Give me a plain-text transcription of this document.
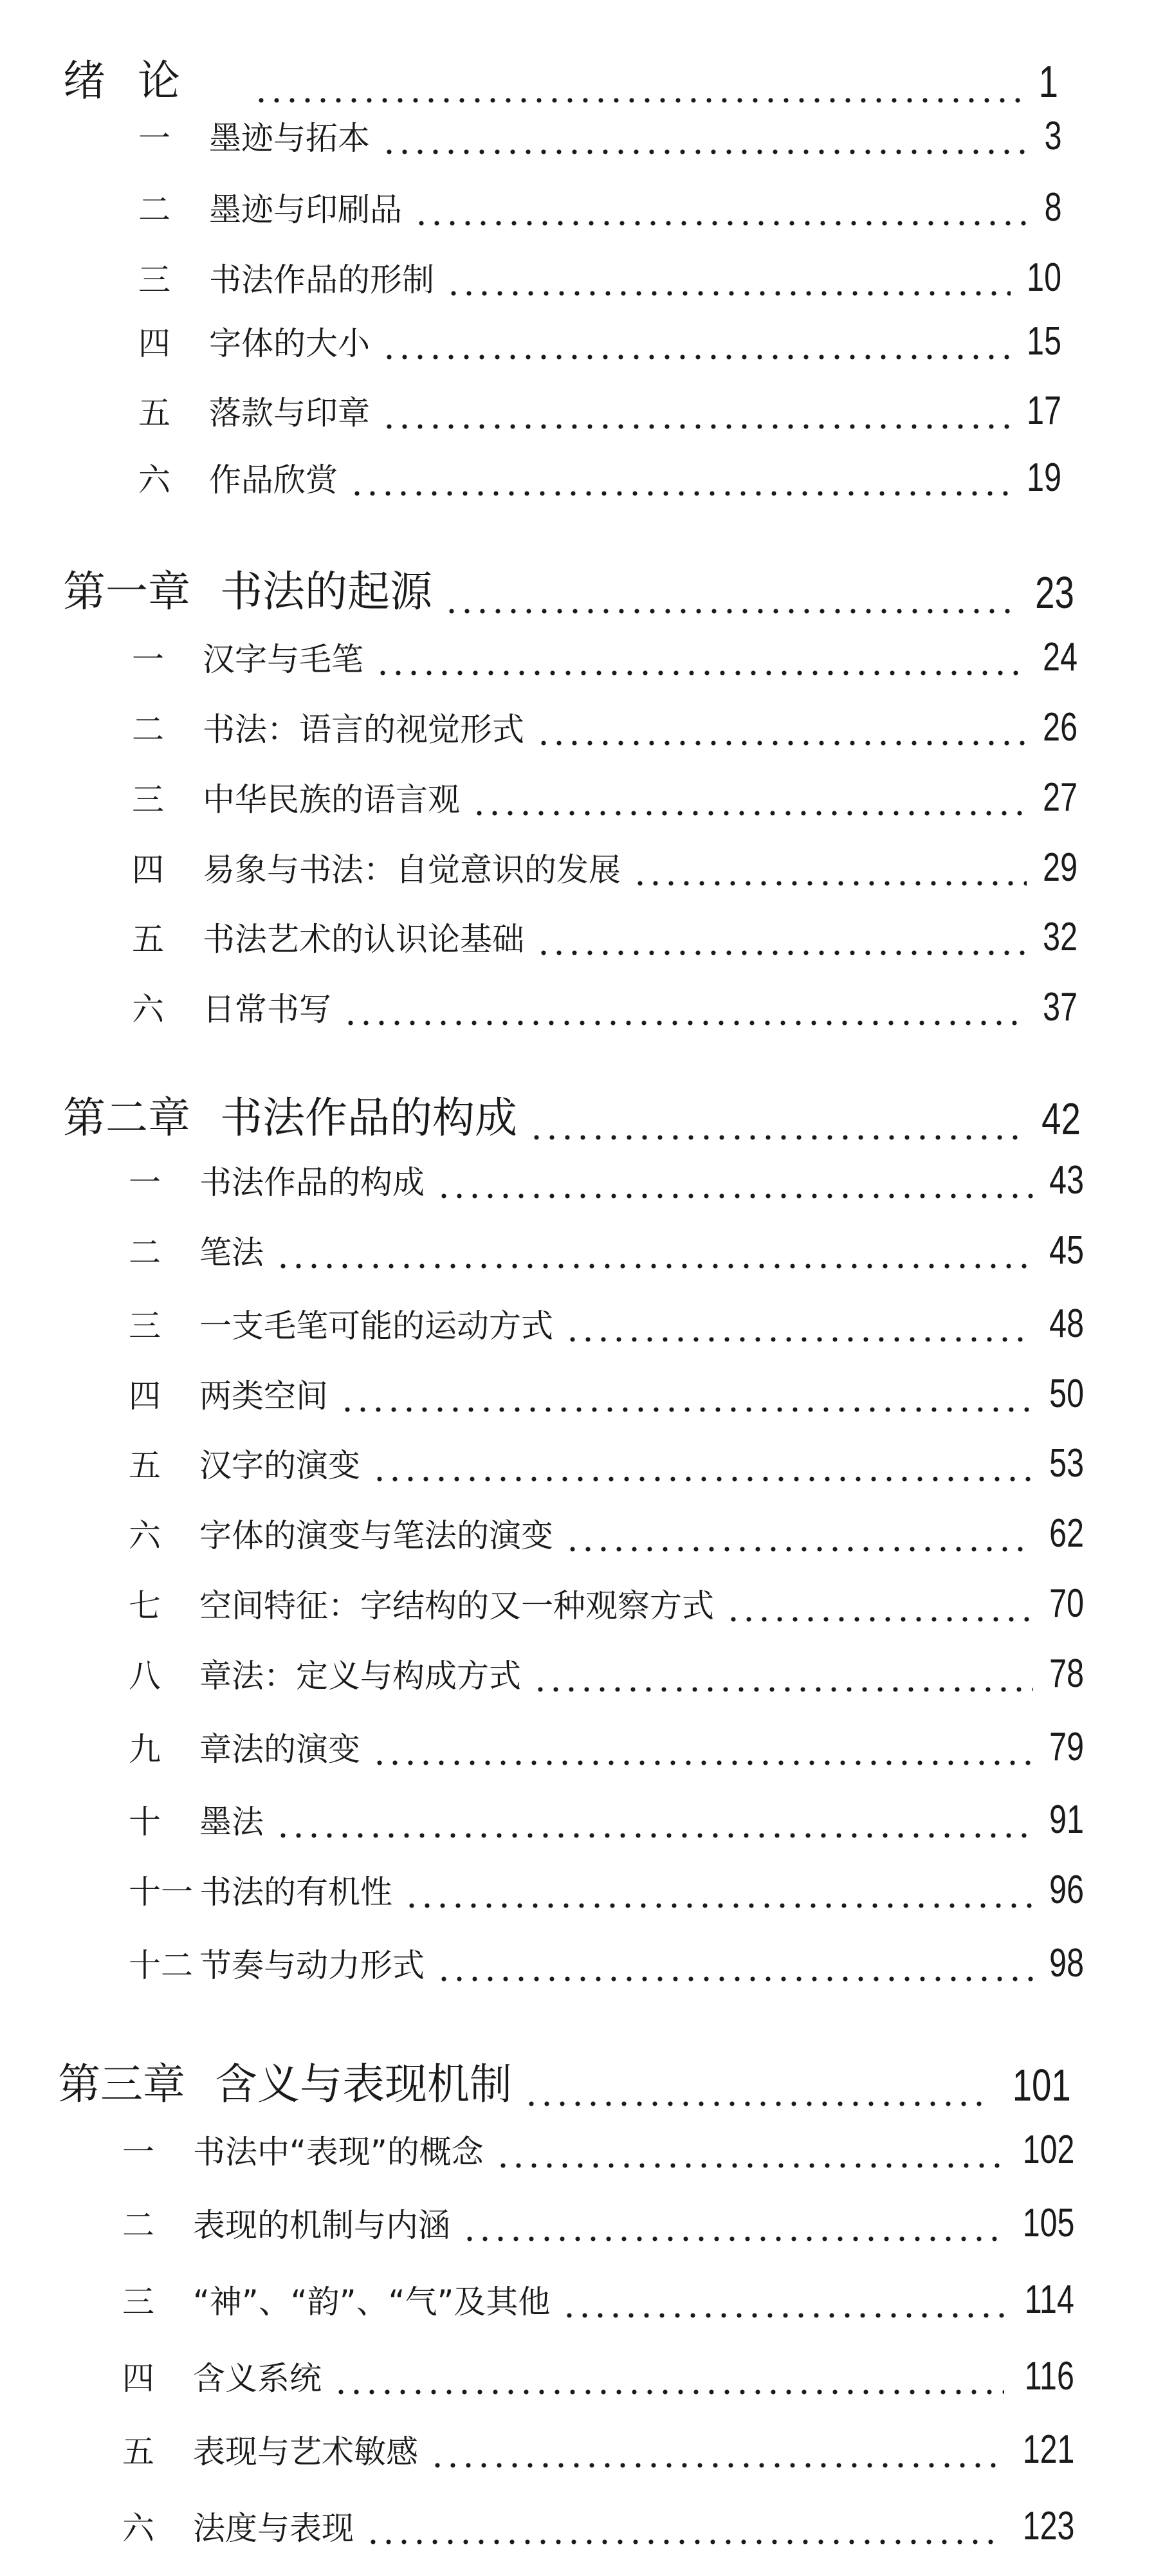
绪论	1
一	墨迹与拓本	3
二	墨迹与印刷品	8
三	书法作品的形制	10
四	字体的大小	15
五	落款与印章	17
六	作品欣赏	19
第一章 书法的起源	23
一	汉字与毛笔	24
二	书法：语言的视觉形式	26
三	中华民族的语言观	27
四	易象与书法：自觉意识的发展	29
五	书法艺术的认识论基础	32
六	日常书写	37
第二章 书法作品的构成	42
一	书法作品的构成	43
二	笔法	45
三	一支毛笔可能的运动方式	48
四	两类空间	50
五	汉字的演变	53
六	字体的演变与笔法的演变	62
七	空间特征：字结构的又一种观察方式	70
八	章法：定义与构成方式	78
九	章法的演变	79
十	墨法	91
十一 书法的有机性	96
十二 节奏与动力形式	98
第三章 含义与表现机制	101
一	书法中“表现”的概念	102
二	表现的机制与内涵	105
三	“神”、“韵”、“气”及其他	114
四	含义系统	116
五	表现与艺术敏感	121
六	法度与表现	123
